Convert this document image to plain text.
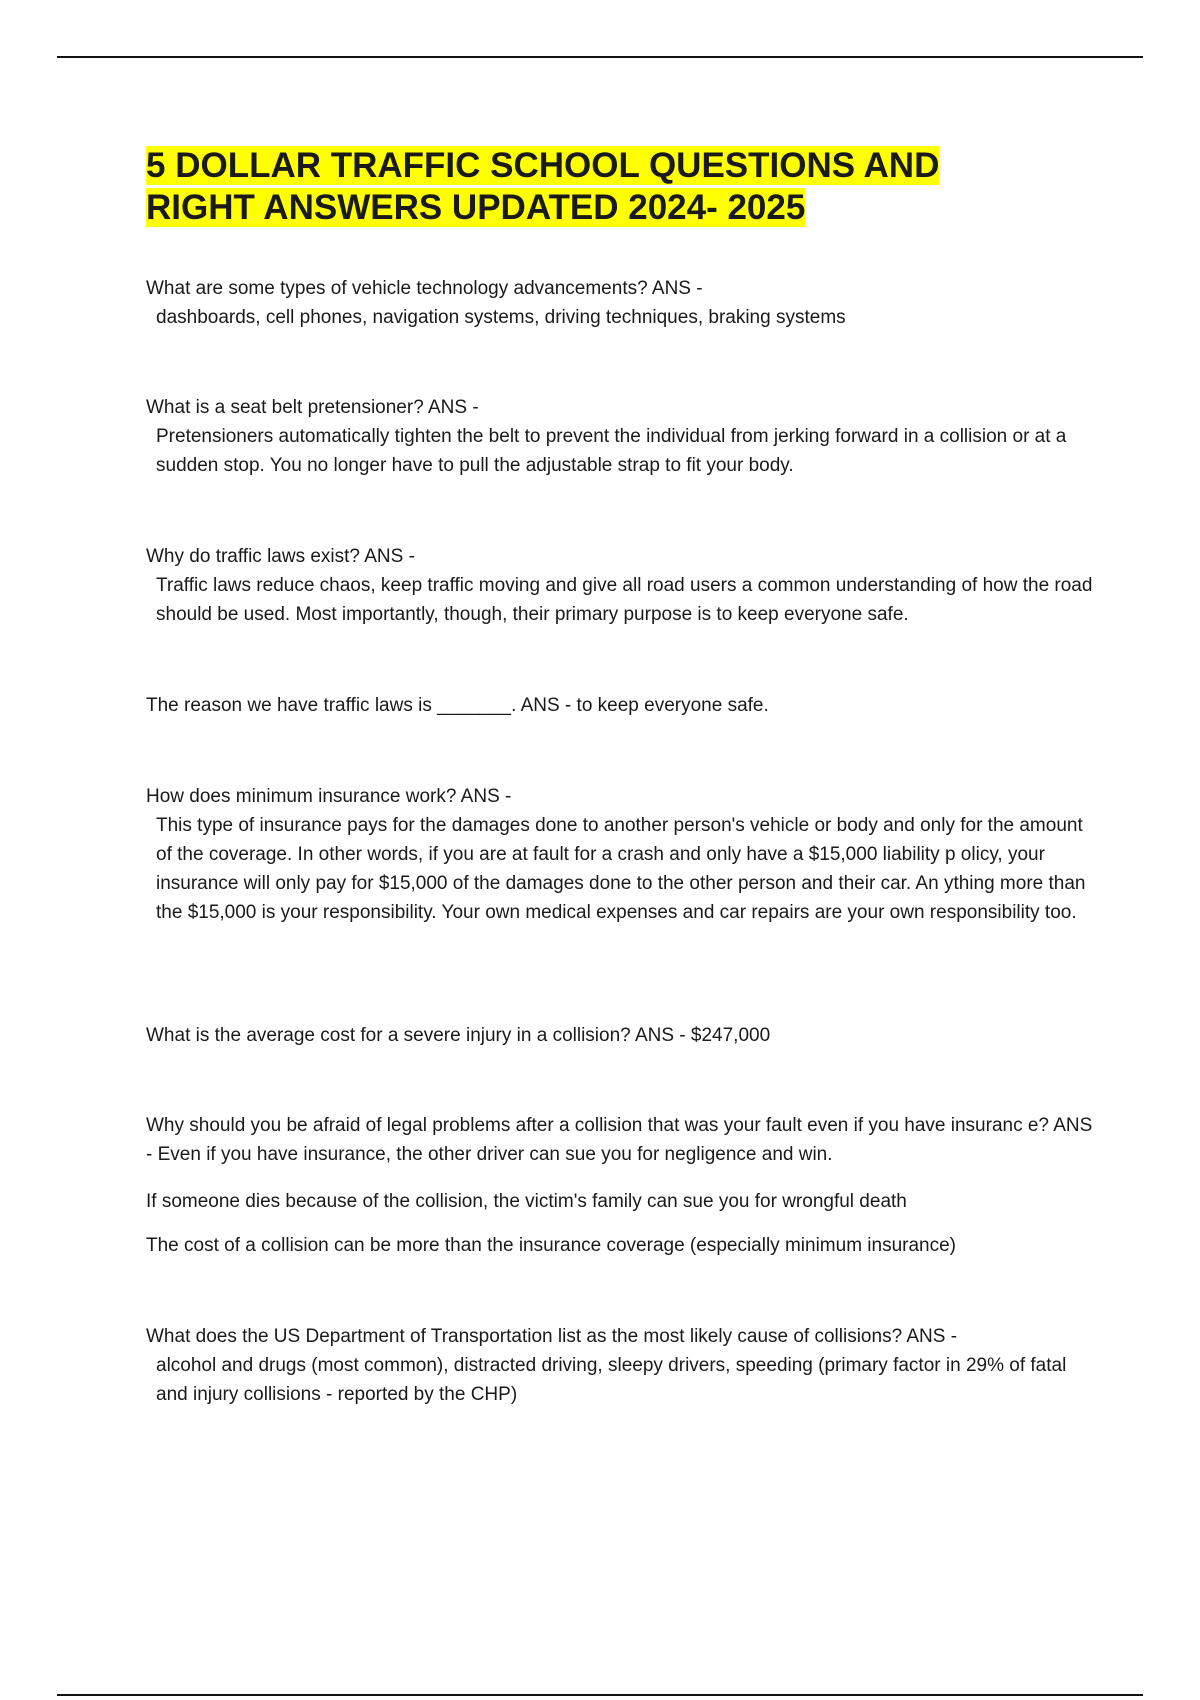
5 DOLLAR TRAFFIC SCHOOL QUESTIONS AND
RIGHT ANSWERS UPDATED 2024- 2025

What are some types of vehicle technology advancements? ANS -

dashboards, cell phones, navigation systems, driving techniques, braking systems

What is a seat belt pretensioner? ANS -

Pretensioners automatically tighten the belt to prevent the individual from jerking forward in a collision or at a sudden stop. You no longer have to pull the adjustable strap to fit your body.

Why do traffic laws exist? ANS -

Traffic laws reduce chaos, keep traffic moving and give all road users a common understanding of how the road should be used. Most importantly, though, their primary purpose is to keep everyone safe.

The reason we have traffic laws is _______. ANS - to keep everyone safe.

How does minimum insurance work? ANS -

This type of insurance pays for the damages done to another person's vehicle or body and only for the amount of the coverage. In other words, if you are at fault for a crash and only have a $15,000 liability p olicy, your insurance will only pay for $15,000 of the damages done to the other person and their car. An ything more than the $15,000 is your responsibility. Your own medical expenses and car repairs are your own responsibility too.

What is the average cost for a severe injury in a collision? ANS - $247,000

Why should you be afraid of legal problems after a collision that was your fault even if you have insuranc e? ANS - Even if you have insurance, the other driver can sue you for negligence and win.

If someone dies because of the collision, the victim's family can sue you for wrongful death

The cost of a collision can be more than the insurance coverage (especially minimum insurance)

What does the US Department of Transportation list as the most likely cause of collisions? ANS -

alcohol and drugs (most common), distracted driving, sleepy drivers, speeding (primary factor in 29% of fatal and injury collisions - reported by the CHP)
